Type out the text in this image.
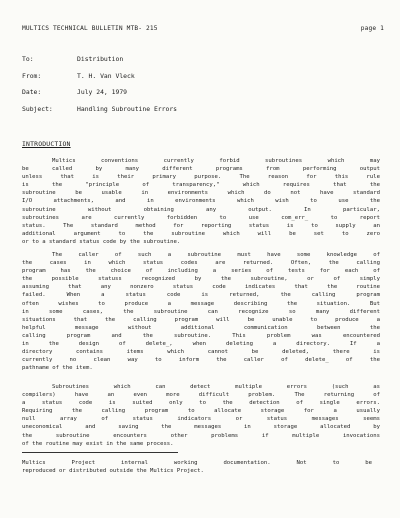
MULTICS TECHNICAL BULLETIN MTB- 215	page 1
To:	Distribution
From:	T. H. Van Vleck
Date:	July 24, 1979
Subject:	Handling Subroutine Errors
INTRODUCTION
Multics conventions currently forbid subroutines which may
be called by many different programs from performing output
unless that is their primary purpose. The reason for this rule
is the "principle of transparency," which requires that the
subroutine be usable in environments which do not have standard
I/O attachments, and in environments which wish to use the
subroutine without obtaining any output. In particular,
subroutines are currently forbidden to use com_err_ to report
status. The standard method for reporting status is to supply an
additional argument to the subroutine which will be set to zero
or to a standard status code by the subroutine.
The caller of such a subroutine must have some knowledge of
the cases in which status codes are returned. Often, the calling
program has the choice of including a series of tests for each of
the possible statuss recognized by the subroutine, or of simply
assuming that any nonzero status code indicates that the routine
failed. When a status code is returned, the calling program
often wishes to produce a message describing the situation. But
in some cases, the subroutine can recognize so many different
situations that the calling program will be unable to produce a
helpful message without additional communication between the
calling program and the subroutine. This problem was encountered
in the design of delete_, when deleting a directory. If a
directory contains items which cannot be deleted, there is
currently no clean way to inform the caller of delete_ of the
pathname of the item.
Subroutines which can detect multiple errors (such as
compilers) have an even more difficult problem. The returning of
a status code is suited only to the detection of single errors.
Requiring the calling program to allocate storage for a usually
null array of status indicators or status messages seems
uneconomical and saving the messages in storage allocated by
the subroutine encounters other problems if multiple invocations
of the routine may exist in the same process.
Multics Project internal working documentation. Not to be
reproduced or distributed outside the Multics Project.
